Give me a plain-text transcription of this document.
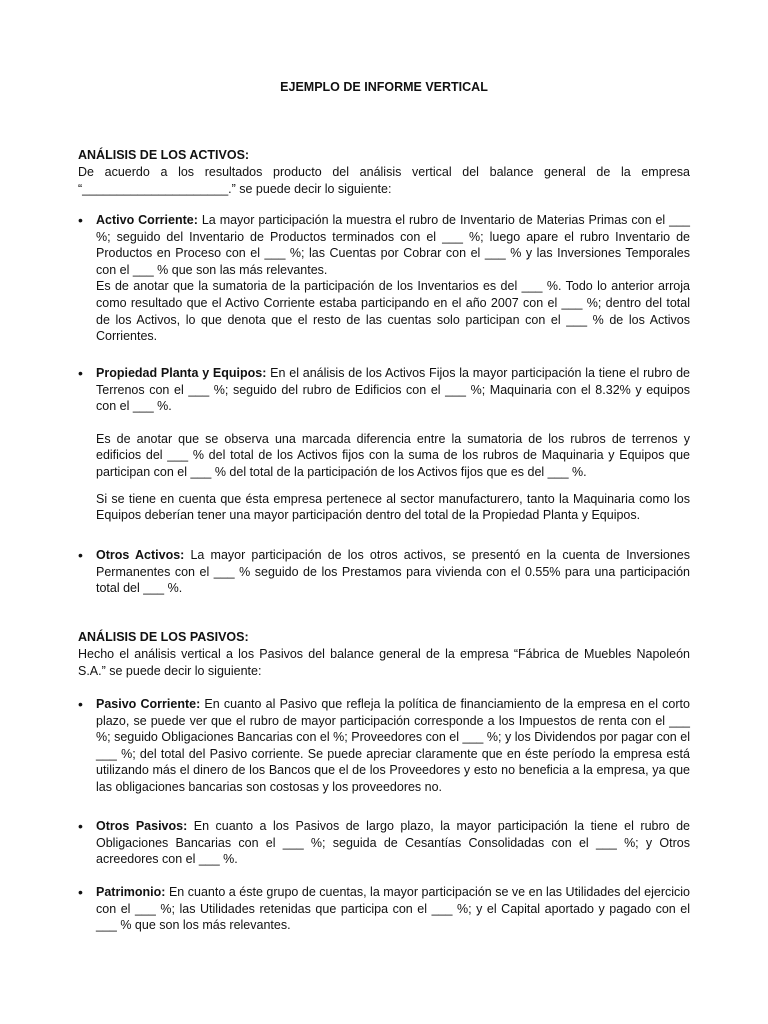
EJEMPLO DE INFORME VERTICAL
ANÁLISIS DE LOS ACTIVOS:
De acuerdo a los resultados producto del análisis vertical del balance general de la empresa “_____________________.” se puede decir lo siguiente:
• Activo Corriente: La mayor participación la muestra el rubro de Inventario de Materias Primas con el ___ %; seguido del Inventario de Productos terminados con el ___ %; luego apare el rubro Inventario de Productos en Proceso con el ___ %; las Cuentas por Cobrar con el ___ % y las Inversiones Temporales con el ___ % que son las más relevantes.

Es de anotar que la sumatoria de la participación de los Inventarios es del ___ %. Todo lo anterior arroja como resultado que el Activo Corriente estaba participando en el año 2007 con el ___ %; dentro del total de los Activos, lo que denota que el resto de las cuentas solo participan con el ___ % de los Activos Corrientes.

• Propiedad Planta y Equipos: En el análisis de los Activos Fijos la mayor participación la tiene el rubro de Terrenos con el ___ %; seguido del rubro de Edificios con el ___ %; Maquinaria con el 8.32% y equipos con el ___ %.

Es de anotar que se observa una marcada diferencia entre la sumatoria de los rubros de terrenos y edificios del ___ % del total de los Activos fijos con la suma de los rubros de Maquinaria y Equipos que participan con el ___ % del total de la participación de los Activos fijos que es del ___ %.

Si se tiene en cuenta que ésta empresa pertenece al sector manufacturero, tanto la Maquinaria como los Equipos deberían tener una mayor participación dentro del total de la Propiedad Planta y Equipos.

• Otros Activos: La mayor participación de los otros activos, se presentó en la cuenta de Inversiones Permanentes con el ___ % seguido de los Prestamos para vivienda con el 0.55% para una participación total del ___ %.

ANÁLISIS DE LOS PASIVOS:
Hecho el análisis vertical a los Pasivos del balance general de la empresa “Fábrica de Muebles Napoleón S.A.” se puede decir lo siguiente:
• Pasivo Corriente: En cuanto al Pasivo que refleja la política de financiamiento de la empresa en el corto plazo, se puede ver que el rubro de mayor participación corresponde a los Impuestos de renta con el ___ %; seguido Obligaciones Bancarias con el %; Proveedores con el ___ %; y los Dividendos por pagar con el ___ %; del total del Pasivo corriente. Se puede apreciar claramente que en éste período la empresa está utilizando más el dinero de los Bancos que el de los Proveedores y esto no beneficia a la empresa, ya que las obligaciones bancarias son costosas y los proveedores no.

• Otros Pasivos: En cuanto a los Pasivos de largo plazo, la mayor participación la tiene el rubro de Obligaciones Bancarias con el ___ %; seguida de Cesantías Consolidadas con el ___ %; y Otros acreedores con el ___ %.

• Patrimonio: En cuanto a éste grupo de cuentas, la mayor participación se ve en las Utilidades del ejercicio con el ___ %; las Utilidades retenidas que participa con el ___ %; y el Capital aportado y pagado con el ___ % que son los más relevantes.
